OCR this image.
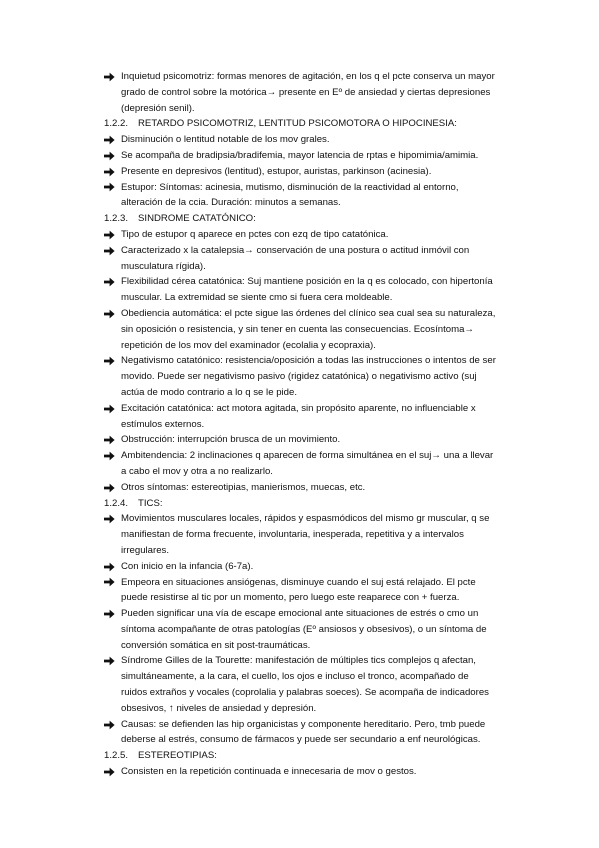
Inquietud psicomotriz: formas menores de agitación, en los q el pcte conserva un mayor grado de control sobre la motórica→ presente en Eº de ansiedad y ciertas depresiones (depresión senil).
1.2.2. RETARDO PSICOMOTRIZ, LENTITUD PSICOMOTORA O HIPOCINESIA:
Disminución o lentitud notable de los mov grales.
Se acompaña de bradipsia/bradifemia, mayor latencia de rptas e hipomimia/amimia.
Presente en depresivos (lentitud), estupor, auristas, parkinson (acinesia).
Estupor: Síntomas: acinesia, mutismo, disminución de la reactividad al entorno, alteración de la ccia. Duración: minutos a semanas.
1.2.3. SINDROME CATATÓNICO:
Tipo de estupor q aparece en pctes con ezq de tipo catatónica.
Caracterizado x la catalepsia→ conservación de una postura o actitud inmóvil con musculatura rígida).
Flexibilidad cérea catatónica: Suj mantiene posición en la q es colocado, con hipertonía muscular. La extremidad se siente cmo si fuera cera moldeable.
Obediencia automática: el pcte sigue las órdenes del clínico sea cual sea su naturaleza, sin oposición o resistencia, y sin tener en cuenta las consecuencias. Ecosíntoma→ repetición de los mov del examinador (ecolalia y ecopraxia).
Negativismo catatónico: resistencia/oposición a todas las instrucciones o intentos de ser movido. Puede ser negativismo pasivo (rigidez catatónica) o negativismo activo (suj actúa de modo contrario a lo q se le pide.
Excitación catatónica: act motora agitada, sin propósito aparente, no influenciable x estímulos externos.
Obstrucción: interrupción brusca de un movimiento.
Ambitendencia: 2 inclinaciones q aparecen de forma simultánea en el suj→ una a llevar a cabo el mov y otra a no realizarlo.
Otros síntomas: estereotipias, manierismos, muecas, etc.
1.2.4. TICS:
Movimientos musculares locales, rápidos y espasmódicos del mismo gr muscular, q se manifiestan de forma frecuente, involuntaria, inesperada, repetitiva y a intervalos irregulares.
Con inicio en la infancia (6-7a).
Empeora en situaciones ansiógenas, disminuye cuando el suj está relajado. El pcte puede resistirse al tic por un momento, pero luego este reaparece con + fuerza.
Pueden significar una vía de escape emocional ante situaciones de estrés o cmo un síntoma acompañante de otras patologías (Eº ansiosos y obsesivos), o un síntoma de conversión somática en sit post-traumáticas.
Síndrome Gilles de la Tourette: manifestación de múltiples tics complejos q afectan, simultáneamente, a la cara, el cuello, los ojos e incluso el tronco, acompañado de ruidos extraños y vocales (coprolalia y palabras soeces). Se acompaña de indicadores obsesivos, ↑ niveles de ansiedad y depresión.
Causas: se defienden las hip organicistas y componente hereditario. Pero, tmb puede deberse al estrés, consumo de fármacos y puede ser secundario a enf neurológicas.
1.2.5. ESTEREOTIPIAS:
Consisten en la repetición continuada e innecesaria de mov o gestos.
